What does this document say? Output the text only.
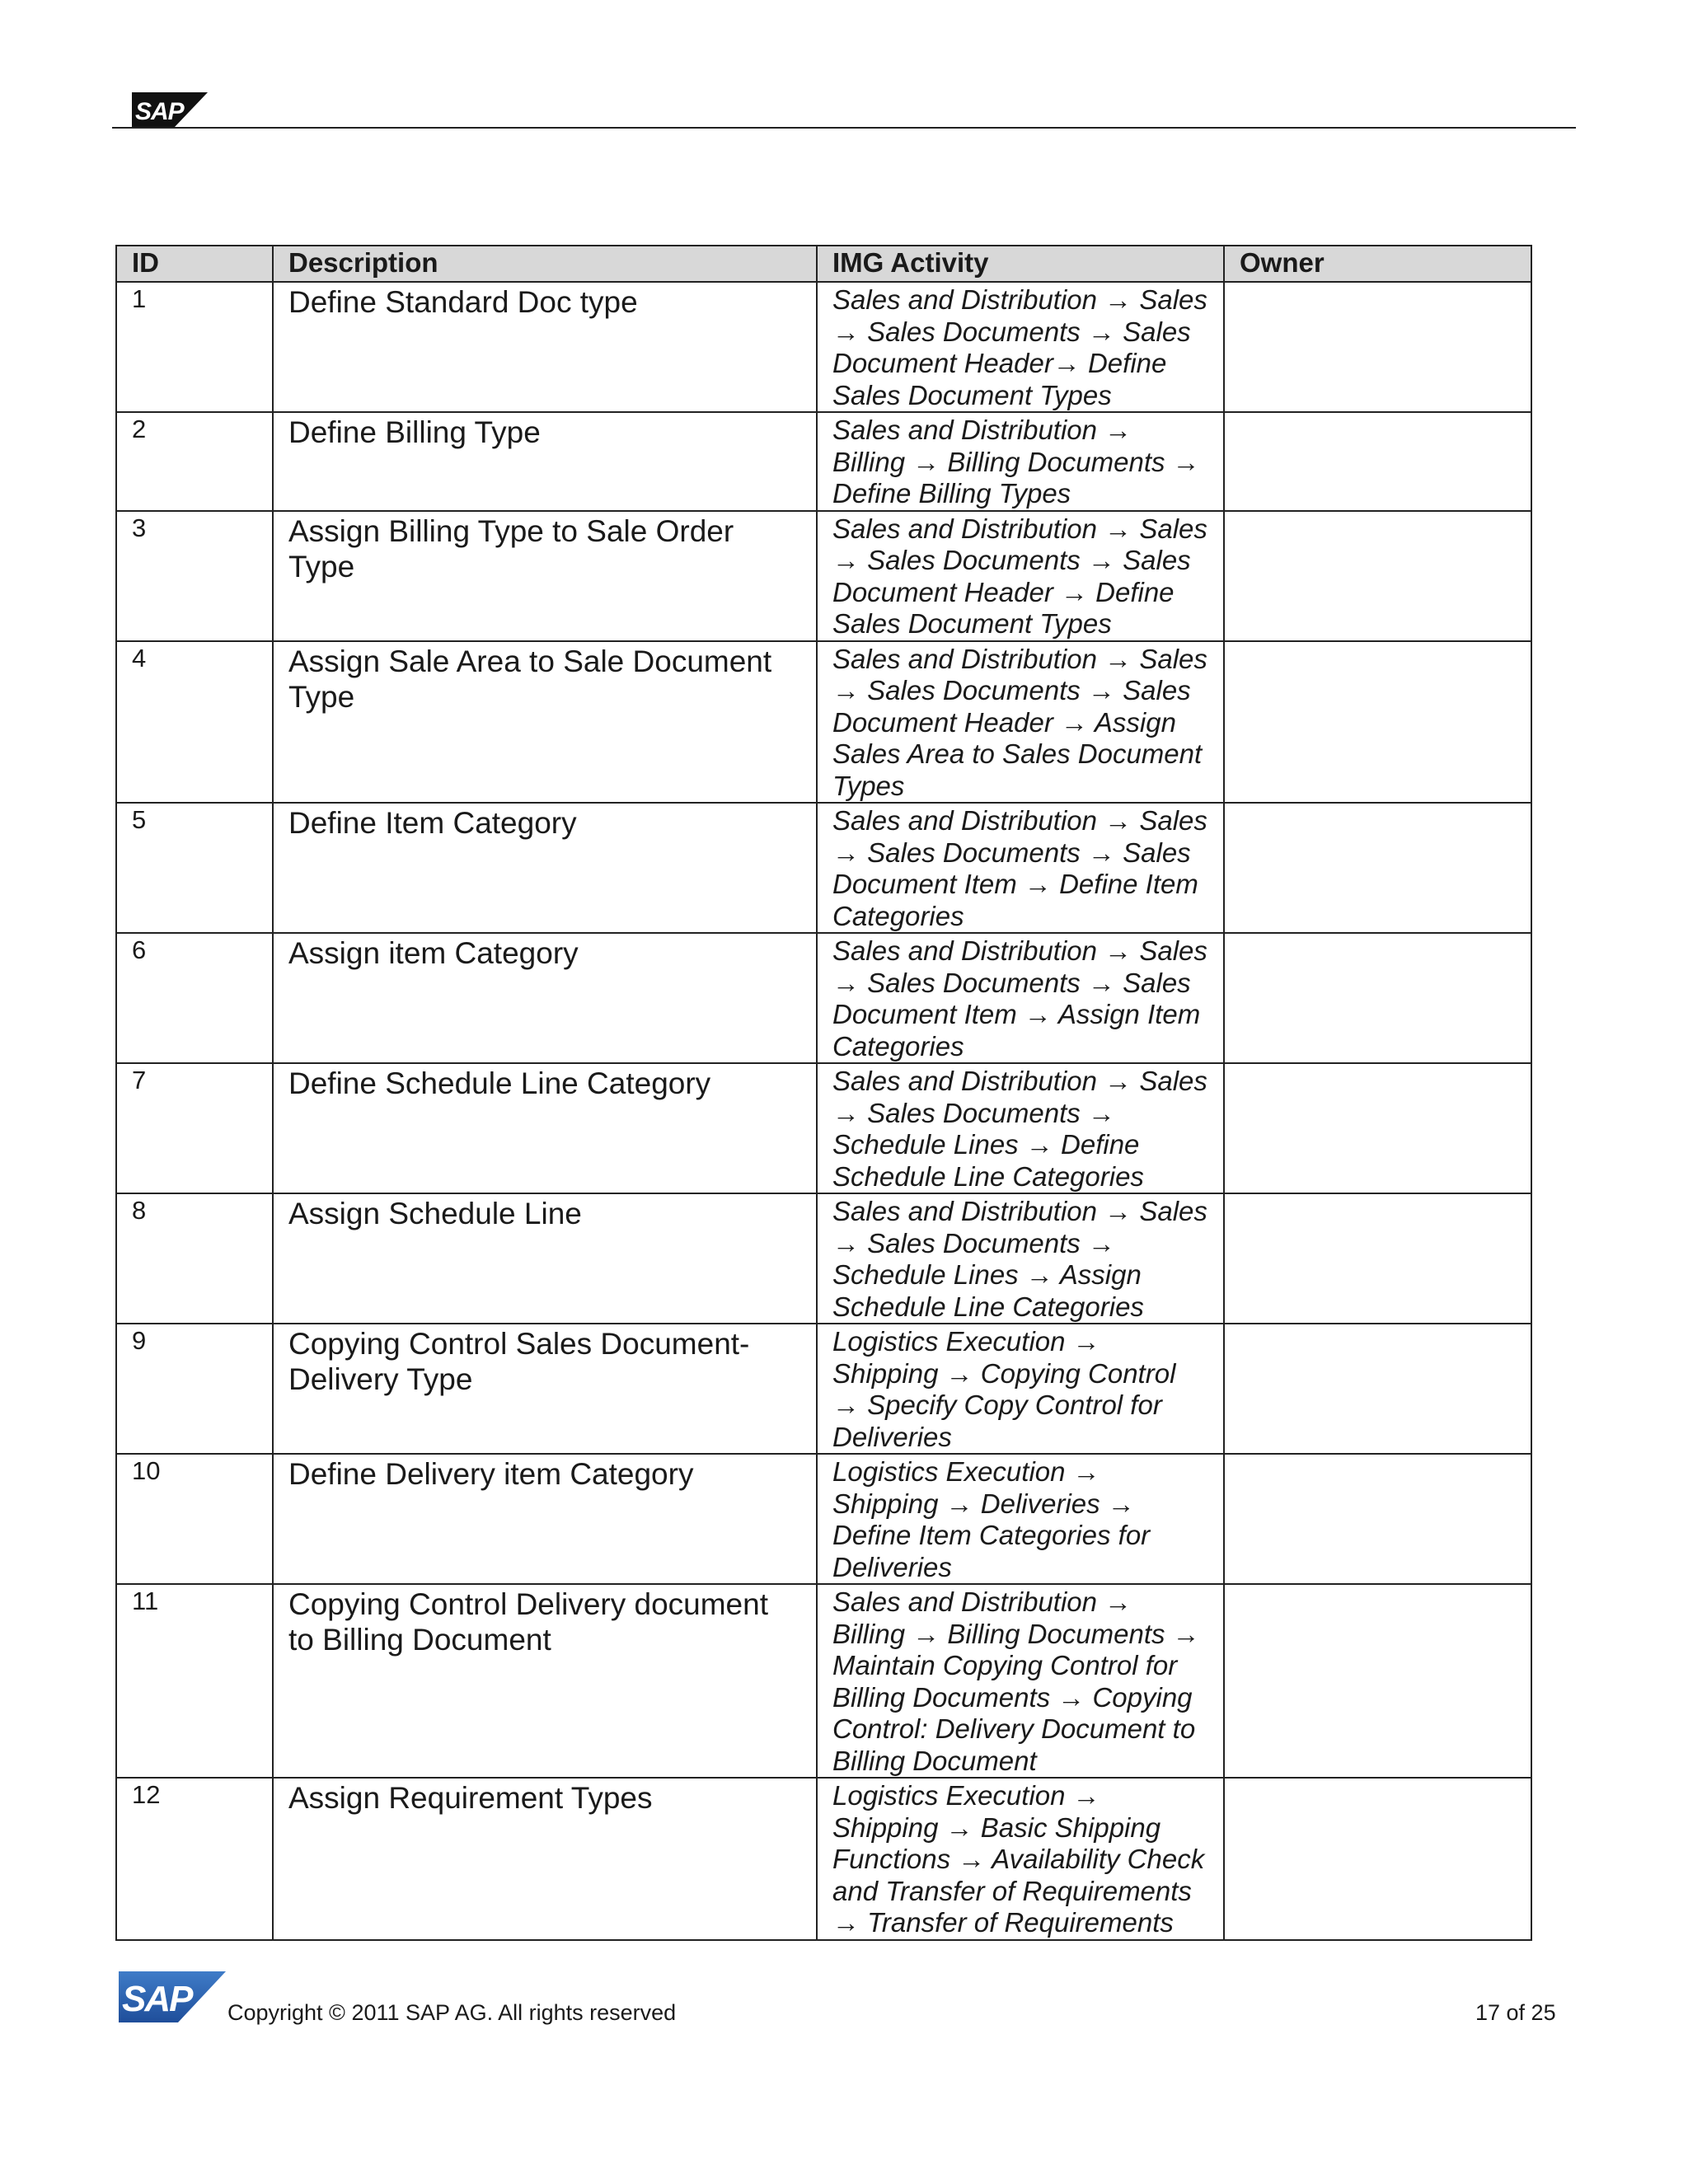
SAP
ID	Description	IMG Activity	Owner
1	Define Standard Doc type	Sales and Distribution → Sales → Sales Documents → Sales Document Header→ Define Sales Document Types	
2	Define Billing Type	Sales and Distribution → Billing → Billing Documents → Define Billing Types	
3	Assign Billing Type to Sale Order Type	Sales and Distribution → Sales → Sales Documents → Sales Document Header → Define Sales Document Types	
4	Assign Sale Area to Sale Document Type	Sales and Distribution → Sales → Sales Documents → Sales Document Header → Assign Sales Area to Sales Document Types	
5	Define Item Category	Sales and Distribution → Sales → Sales Documents → Sales Document Item → Define Item Categories	
6	Assign item Category	Sales and Distribution → Sales → Sales Documents → Sales Document Item → Assign Item Categories	
7	Define Schedule Line Category	Sales and Distribution → Sales → Sales Documents → Schedule Lines → Define Schedule Line Categories	
8	Assign Schedule Line	Sales and Distribution → Sales → Sales Documents → Schedule Lines → Assign Schedule Line Categories	
9	Copying Control Sales Document-Delivery Type	Logistics Execution → Shipping → Copying Control → Specify Copy Control for Deliveries	
10	Define Delivery item Category	Logistics Execution → Shipping → Deliveries → Define Item Categories for Deliveries	
11	Copying Control Delivery document to Billing Document	Sales and Distribution → Billing → Billing Documents → Maintain Copying Control for Billing Documents → Copying Control: Delivery Document to Billing Document	
12	Assign Requirement Types	Logistics Execution → Shipping → Basic Shipping Functions → Availability Check and Transfer of Requirements → Transfer of Requirements	
SAP Copyright © 2011 SAP AG. All rights reserved	17 of 25
